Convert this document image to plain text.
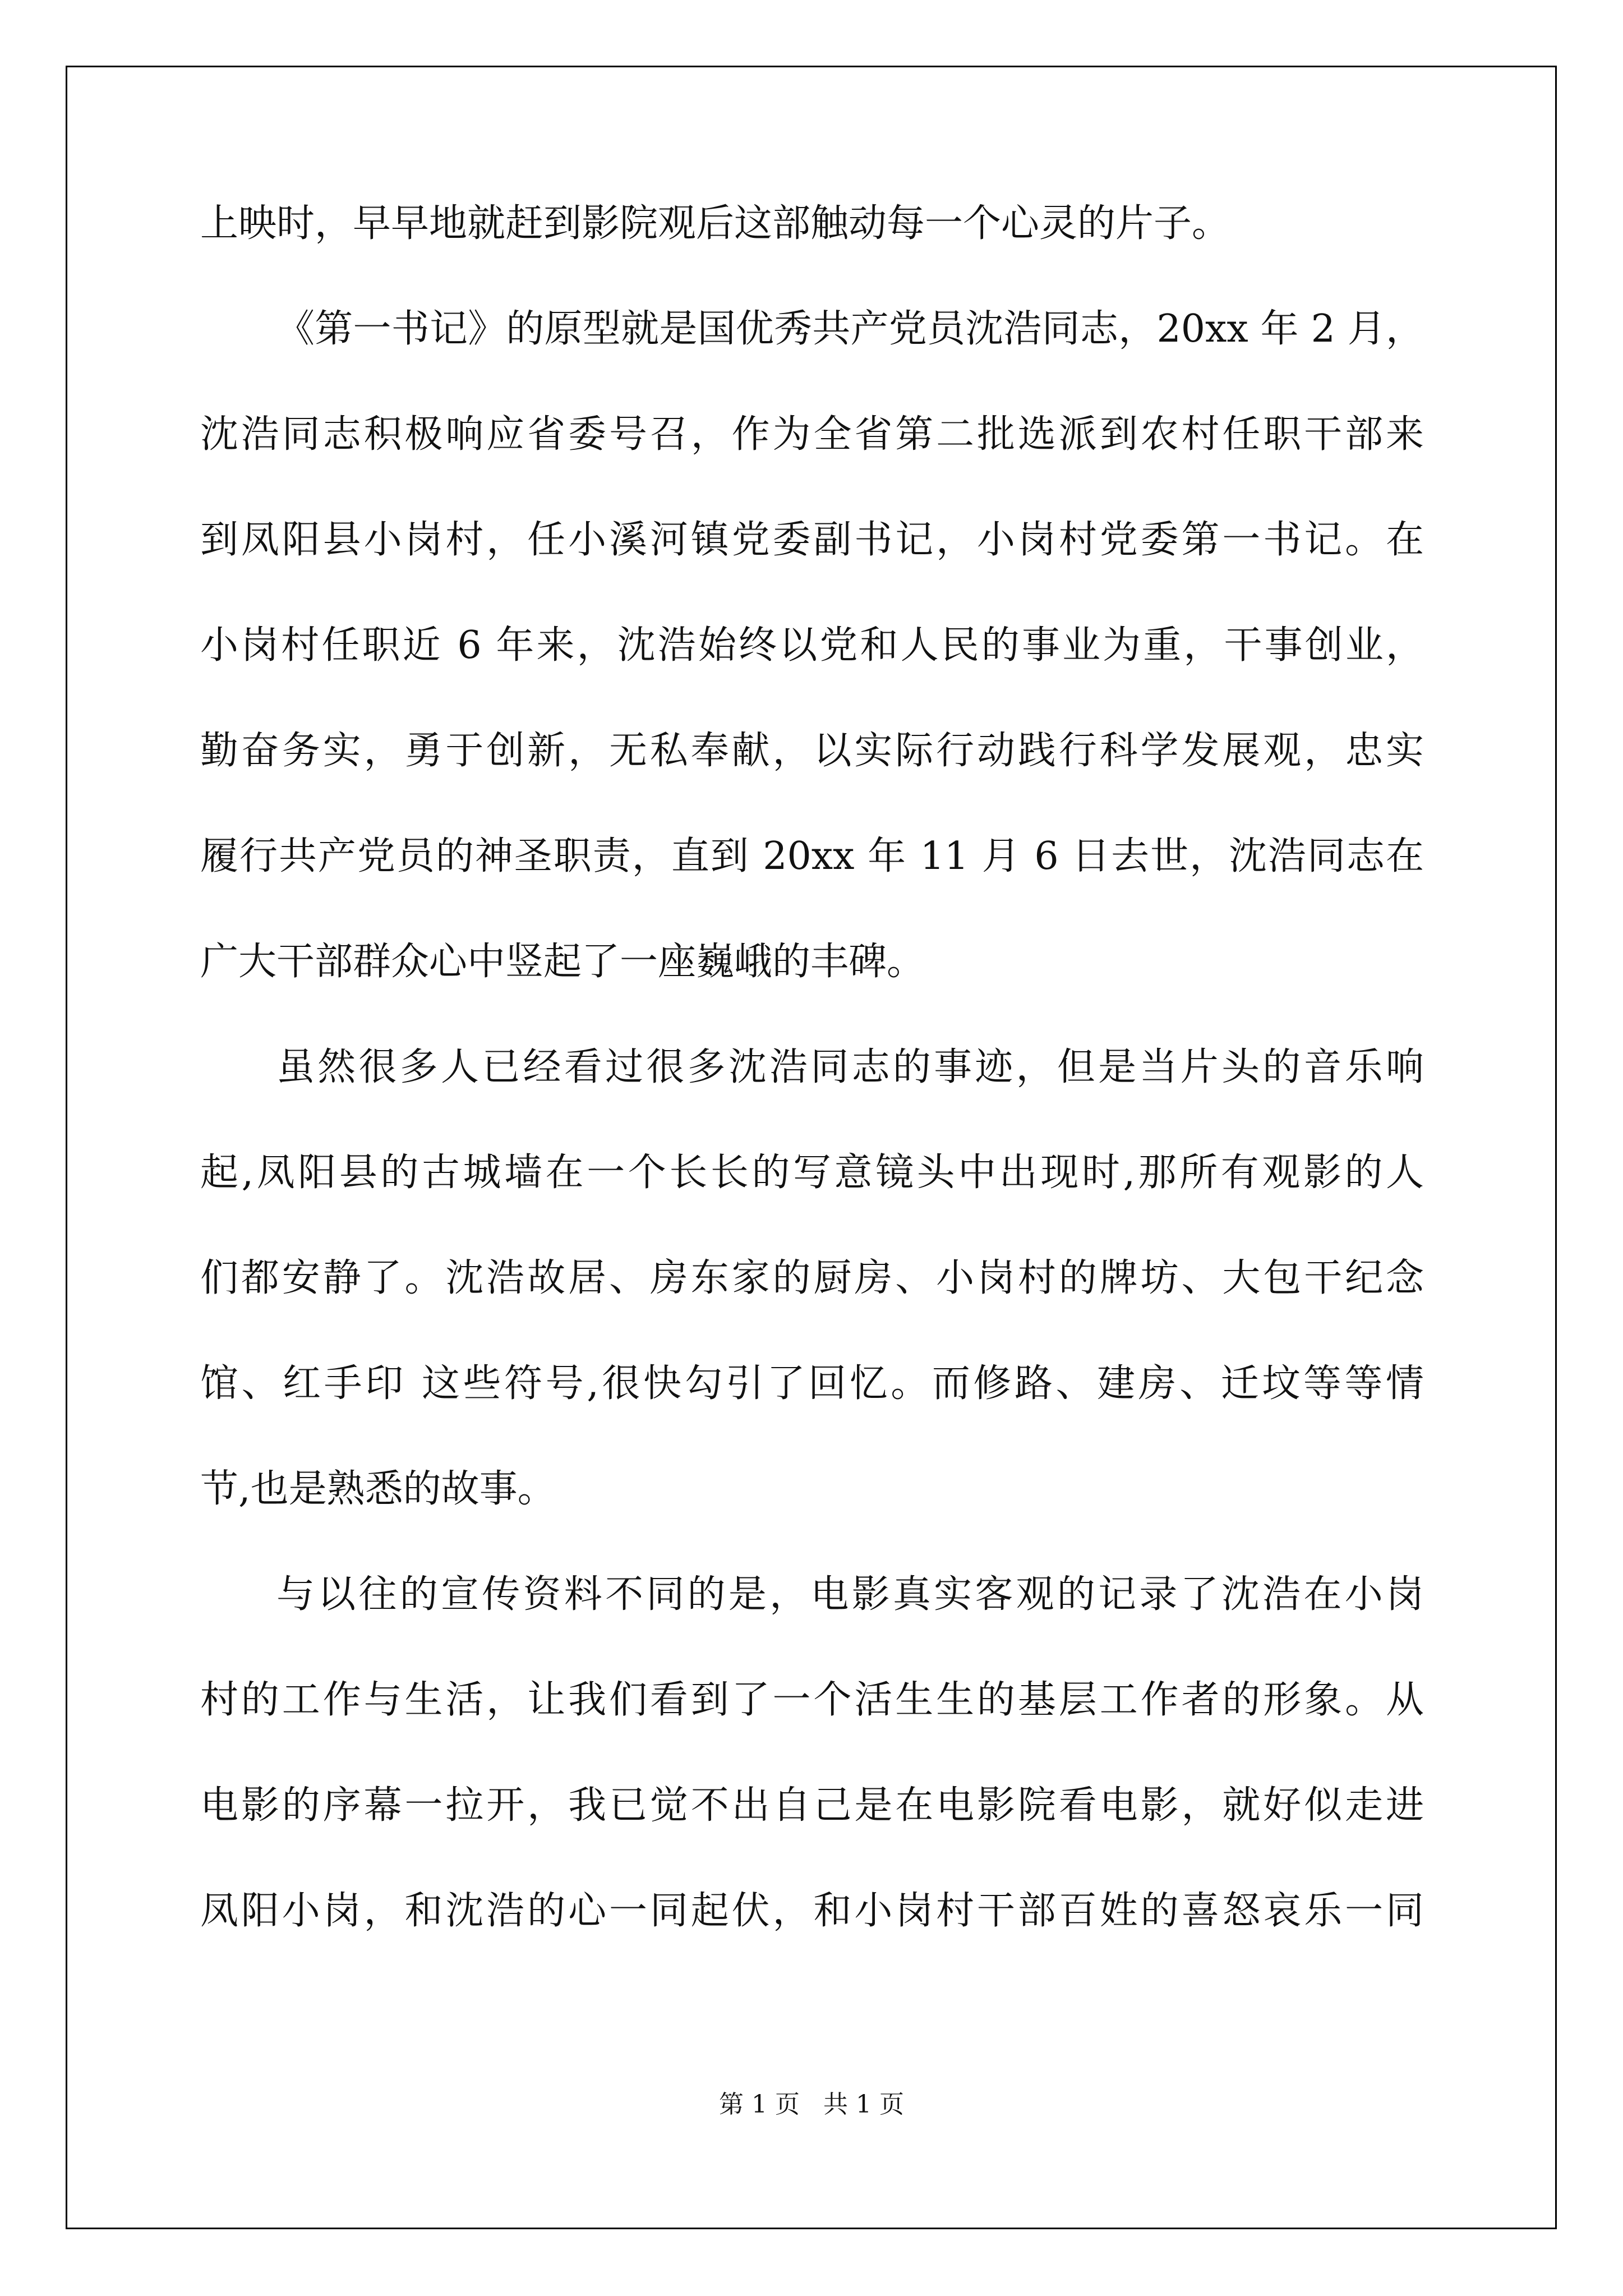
上映时，早早地就赶到影院观后这部触动每一个心灵的片子。
《第一书记》的原型就是国优秀共产党员沈浩同志，20xx 年 2 月，
沈浩同志积极响应省委号召，作为全省第二批选派到农村任职干部来
到凤阳县小岗村，任小溪河镇党委副书记，小岗村党委第一书记。在
小岗村任职近 6 年来，沈浩始终以党和人民的事业为重，干事创业，
勤奋务实，勇于创新，无私奉献，以实际行动践行科学发展观，忠实
履行共产党员的神圣职责，直到 20xx 年 11 月 6 日去世，沈浩同志在
广大干部群众心中竖起了一座巍峨的丰碑。
虽然很多人已经看过很多沈浩同志的事迹，但是当片头的音乐响
起,凤阳县的古城墙在一个长长的写意镜头中出现时,那所有观影的人
们都安静了。沈浩故居、房东家的厨房、小岗村的牌坊、大包干纪念
馆、红手印 这些符号,很快勾引了回忆。而修路、建房、迁坟等等情
节,也是熟悉的故事。
与以往的宣传资料不同的是，电影真实客观的记录了沈浩在小岗
村的工作与生活，让我们看到了一个活生生的基层工作者的形象。从
电影的序幕一拉开，我已觉不出自己是在电影院看电影，就好似走进
凤阳小岗，和沈浩的心一同起伏，和小岗村干部百姓的喜怒哀乐一同
第 1 页   共 1 页
